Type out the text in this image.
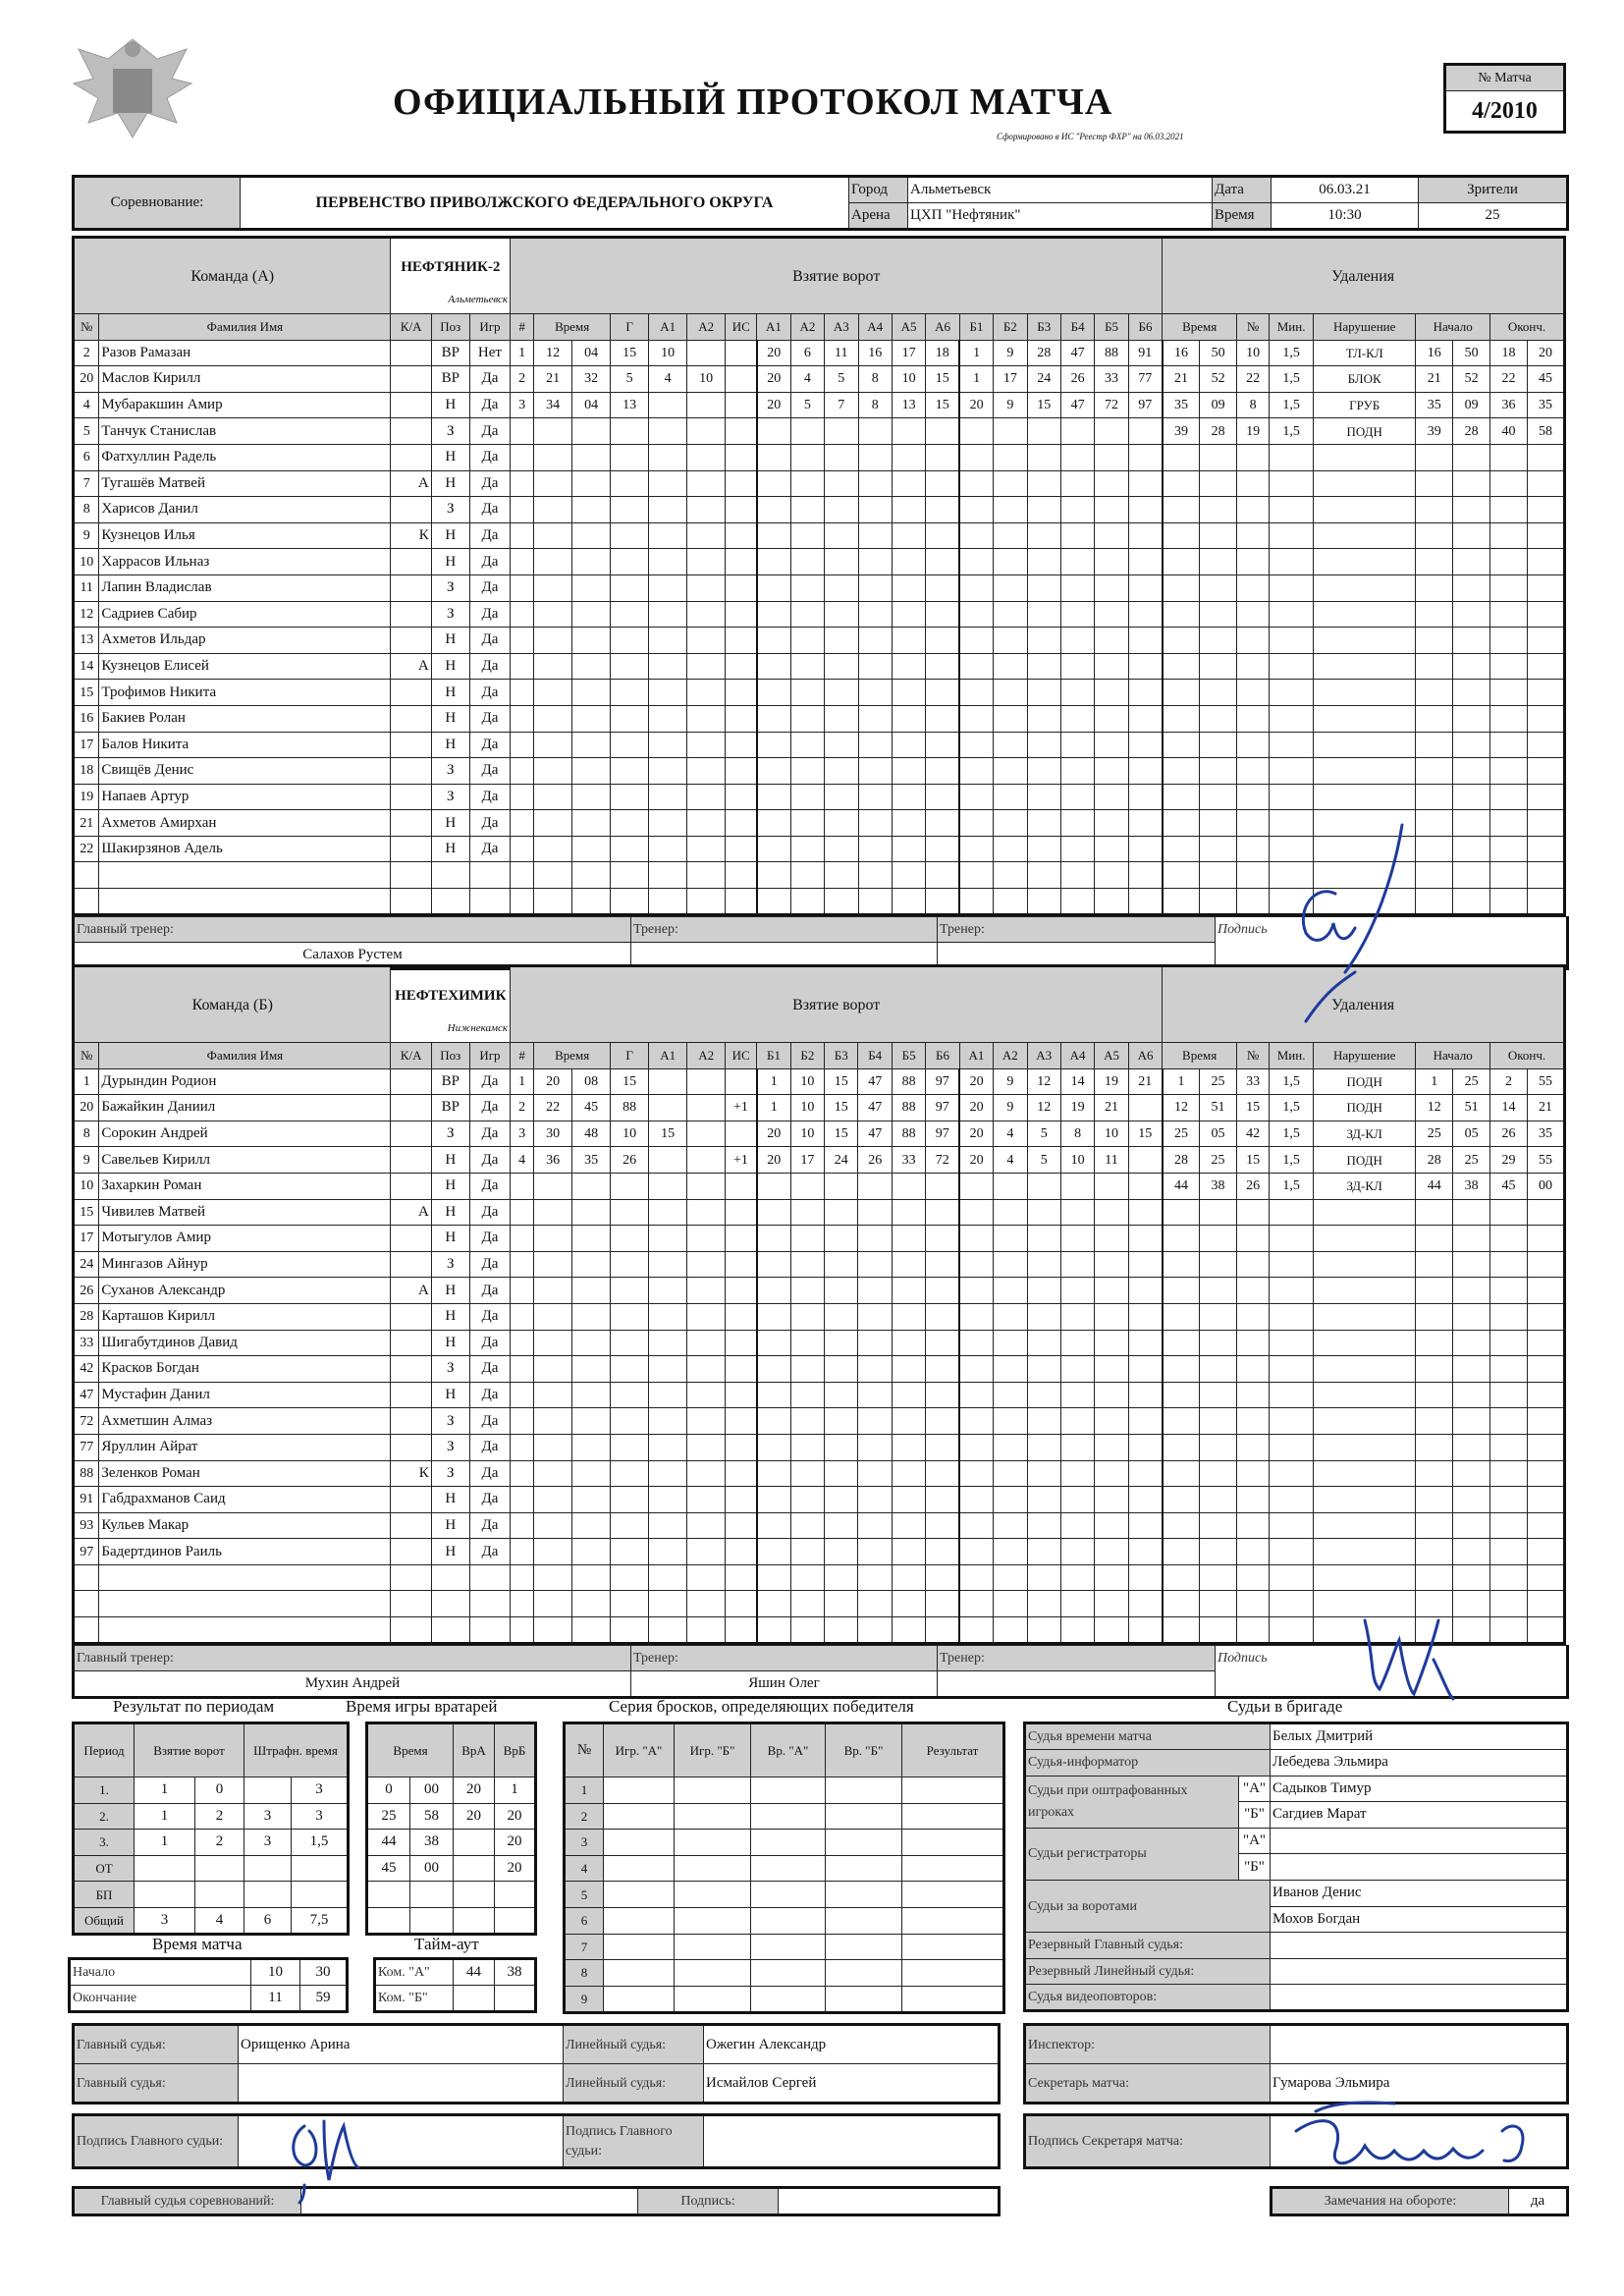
ОФИЦИАЛЬНЫЙ ПРОТОКОЛ МАТЧА
Сформировано в ИС "Реестр ФХР" на 06.03.2021
№ Матча
4/2010
Соревнование:	ПЕРВЕНСТВО ПРИВОЛЖСКОГО ФЕДЕРАЛЬНОГО ОКРУГА	Город	Альметьевск	Дата	06.03.21	Зрители
		Арена	ЦХП "Нефтяник"	Время	10:30	25
Команда (А)		НЕФТЯНИК-2
Альметьевск			Взятие ворот																			Удаления								
№	Фамилия Имя	К/А	Поз	Игр	#	Время		Г	А1	А2	ИС	А1	А2	А3	А4	А5	А6	Б1	Б2	Б3	Б4	Б5	Б6	Время		№	Мин.	Нарушение	Начало		Оконч.	
2	Разов Рамазан		ВР	Нет	1	12	04	15	10			20	6	11	16	17	18	1	9	28	47	88	91	16	50	10	1,5	ТЛ-КЛ	16	50	18	20
20	Маслов Кирилл		ВР	Да	2	21	32	5	4	10		20	4	5	8	10	15	1	17	24	26	33	77	21	52	22	1,5	БЛОК	21	52	22	45
4	Мубаракшин Амир		Н	Да	3	34	04	13				20	5	7	8	13	15	20	9	15	47	72	97	35	09	8	1,5	ГРУБ	35	09	36	35
5	Танчук Станислав		З	Да																				39	28	19	1,5	ПОДН	39	28	40	58
6	Фатхуллин Радель		Н	Да																												
7	Тугашёв Матвей	А	Н	Да																												
8	Харисов Данил		З	Да																												
9	Кузнецов Илья	К	Н	Да																												
10	Харрасов Ильназ		Н	Да																												
11	Лапин Владислав		З	Да																												
12	Садриев Сабир		З	Да																												
13	Ахметов Ильдар		Н	Да																												
14	Кузнецов Елисей	А	Н	Да																												
15	Трофимов Никита		Н	Да																												
16	Бакиев Ролан		Н	Да																												
17	Балов Никита		Н	Да																												
18	Свищёв Денис		З	Да																												
19	Напаев Артур		З	Да																												
21	Ахметов Амирхан		Н	Да																												
22	Шакирзянов Адель		Н	Да																												

Главный тренер:	Тренер:	Тренер:	Подпись
Салахов Рустем			
Команда (Б)		НЕФТЕХИМИК
Нижнекамск			Взятие ворот																			Удаления								
№	Фамилия Имя	К/А	Поз	Игр	#	Время		Г	А1	А2	ИС	Б1	Б2	Б3	Б4	Б5	Б6	А1	А2	А3	А4	А5	А6	Время		№	Мин.	Нарушение	Начало		Оконч.	
1	Дурындин Родион		ВР	Да	1	20	08	15				1	10	15	47	88	97	20	9	12	14	19	21	1	25	33	1,5	ПОДН	1	25	2	55
20	Бажайкин Даниил		ВР	Да	2	22	45	88			+1	1	10	15	47	88	97	20	9	12	19	21		12	51	15	1,5	ПОДН	12	51	14	21
8	Сорокин Андрей		З	Да	3	30	48	10	15			20	10	15	47	88	97	20	4	5	8	10	15	25	05	42	1,5	ЗД-КЛ	25	05	26	35
9	Савельев Кирилл		Н	Да	4	36	35	26			+1	20	17	24	26	33	72	20	4	5	10	11		28	25	15	1,5	ПОДН	28	25	29	55
10	Захаркин Роман		Н	Да																				44	38	26	1,5	ЗД-КЛ	44	38	45	00
15	Чивилев Матвей	А	Н	Да																												
17	Мотыгулов Амир		Н	Да																												
24	Мингазов Айнур		З	Да																												
26	Суханов Александр	А	Н	Да																												
28	Карташов Кирилл		Н	Да																												
33	Шигабутдинов Давид		Н	Да																												
42	Красков Богдан		З	Да																												
47	Мустафин Данил		Н	Да																												
72	Ахметшин Алмаз		З	Да																												
77	Яруллин Айрат		З	Да																												
88	Зеленков Роман	К	З	Да																												
91	Габдрахманов Саид		Н	Да																												
93	Кульев Макар		Н	Да																												
97	Бадертдинов Раиль		Н	Да																												

Главный тренер:	Тренер:	Тренер:	Подпись
Мухин Андрей	Яшин Олег		
Результат по периодам	Время игры вратарей	Серия бросков, определяющих победителя	Судьи в бригаде
Период	Взятие ворот		Штрафн. время	
1.	1	0		3
2.	1	2	3	3
3.	1	2	3	1,5
ОТ				
БП				
Общий	3	4	6	7,5
Время		ВрА	ВрБ
0	00	20	1
25	58	20	20
44	38		20
45	00		20

Время матча
Начало	10	30
Окончание	11	59
Тайм-аут
Ком. "А"	44	38
Ком. "Б"		
№	Игр. "А"	Игр. "Б"	Вр. "А"	Вр. "Б"	Результат
1					
2					
3					
4					
5					
6					
7					
8					
9					
Судья времени матча		Белых Дмитрий
Судья-информатор		Лебедева Эльмира
Судьи при оштрафованных игроках	"А"	Садыков Тимур
	"Б"	Сагдиев Марат
Судьи регистраторы	"А"	
	"Б"	
Судьи за воротами		Иванов Денис
		Мохов Богдан
Резервный Главный судья:		
Резервный Линейный судья:		
Судья видеоповторов:		
Главный судья:	Орищенко Арина	Линейный судья:	Ожегин Александр
Главный судья:		Линейный судья:	Исмайлов Сергей
Инспектор:	
Секретарь матча:	Гумарова Эльмира
Подпись Главного судьи:		Подпись Главного судьи:	
Подпись Секретаря матча:	
Главный судья соревнований:		Подпись:		Замечания на обороте:	да
